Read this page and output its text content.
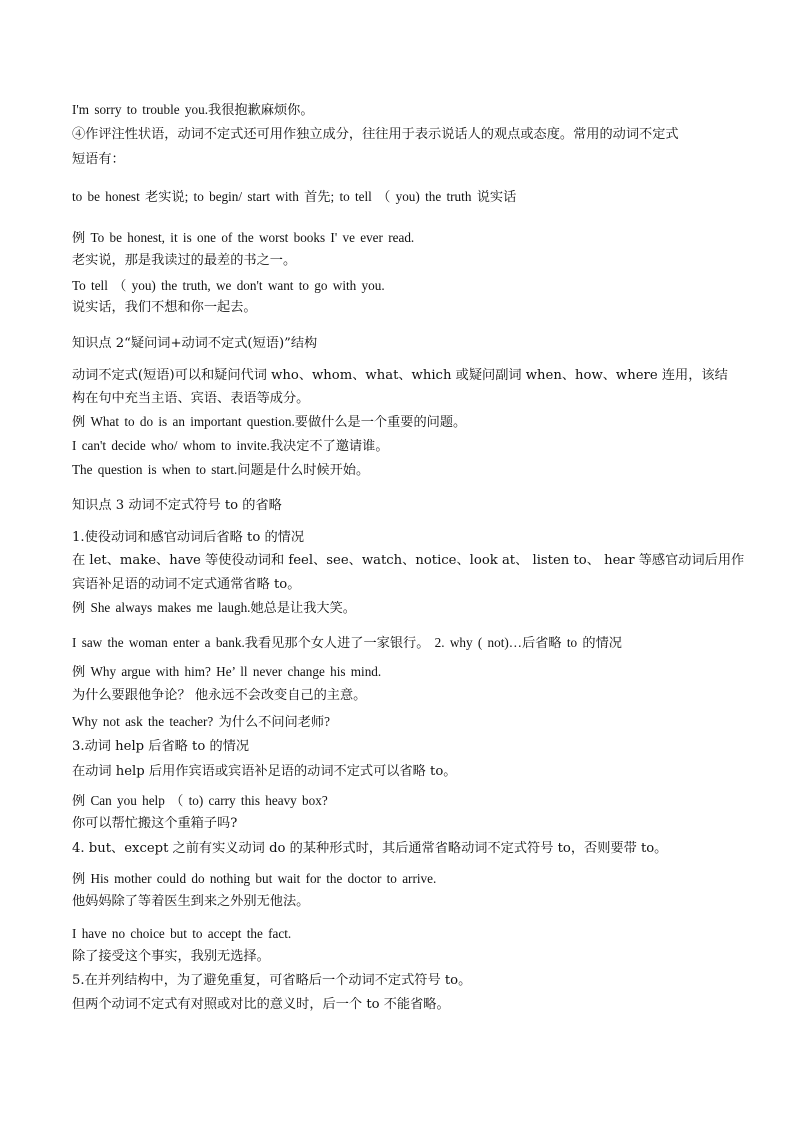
I'm sorry to trouble you.我很抱歉麻烦你。
④作评注性状语，动词不定式还可用作独立成分，往往用于表示说话人的观点或态度。常用的动词不定式
短语有：
to be honest 老实说; to begin/ start with 首先; to tell （ you) the truth 说实话
例 To be honest, it is one of the worst books I' ve ever read.
老实说，那是我读过的最差的书之一。
To tell （ you) the truth, we don't want to go with you.
说实话，我们不想和你一起去。
知识点 2“疑问词+动词不定式(短语)”结构
动词不定式(短语)可以和疑问代词 who、whom、what、which 或疑问副词 when、how、where 连用，该结
构在句中充当主语、宾语、表语等成分。
例 What to do is an important question.要做什么是一个重要的问题。
I can't decide who/ whom to invite.我决定不了邀请谁。
The question is when to start.问题是什么时候开始。
知识点 3 动词不定式符号 to 的省略
1.使役动词和感官动词后省略 to 的情况
在 let、make、have 等使役动词和 feel、see、watch、notice、look at、 listen to、 hear 等感官动词后用作
宾语补足语的动词不定式通常省略 to。
例 She always makes me laugh.她总是让我大笑。
I saw the woman enter a bank.我看见那个女人进了一家银行。 2. why ( not)…后省略 to 的情况
例 Why argue with him? He’ ll never change his mind.
为什么要跟他争论？ 他永远不会改变自己的主意。
Why not ask the teacher? 为什么不问问老师?
3.动词 help 后省略 to 的情况
在动词 help 后用作宾语或宾语补足语的动词不定式可以省略 to。
例 Can you help （ to) carry this heavy box?
你可以帮忙搬这个重箱子吗?
4. but、except 之前有实义动词 do 的某种形式时，其后通常省略动词不定式符号 to，否则要带 to。
例 His mother could do nothing but wait for the doctor to arrive.
他妈妈除了等着医生到来之外别无他法。
I have no choice but to accept the fact.
除了接受这个事实，我别无选择。
5.在并列结构中，为了避免重复，可省略后一个动词不定式符号 to。
但两个动词不定式有对照或对比的意义时，后一个 to 不能省略。
